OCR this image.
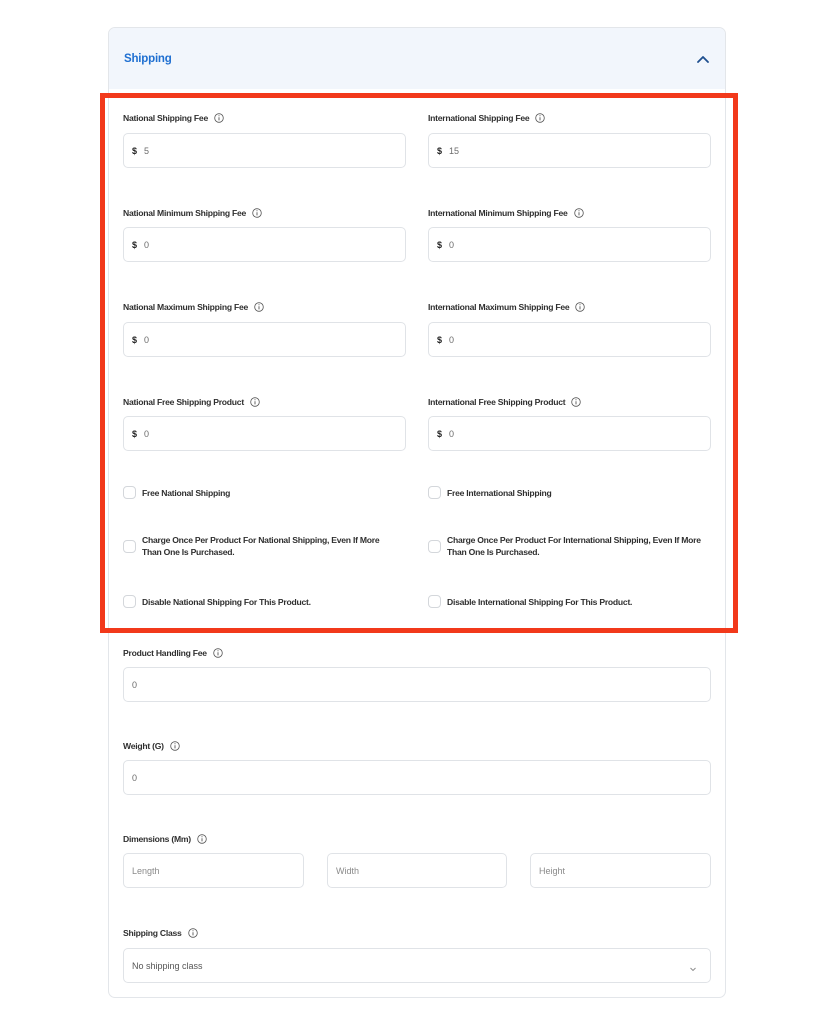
Shipping
National Shipping Fee
$ 5
International Shipping Fee
$ 15
National Minimum Shipping Fee
$ 0
International Minimum Shipping Fee
$ 0
National Maximum Shipping Fee
$ 0
International Maximum Shipping Fee
$ 0
National Free Shipping Product
$ 0
International Free Shipping Product
$ 0
Free National Shipping	Free International Shipping
Charge Once Per Product For National Shipping, Even If More Than One Is Purchased.
Charge Once Per Product For International Shipping, Even If More Than One Is Purchased.
Disable National Shipping For This Product.	Disable International Shipping For This Product.
Product Handling Fee
0
Weight (G)
0
Dimensions (Mm)
Length	Width	Height
Shipping Class
No shipping class
